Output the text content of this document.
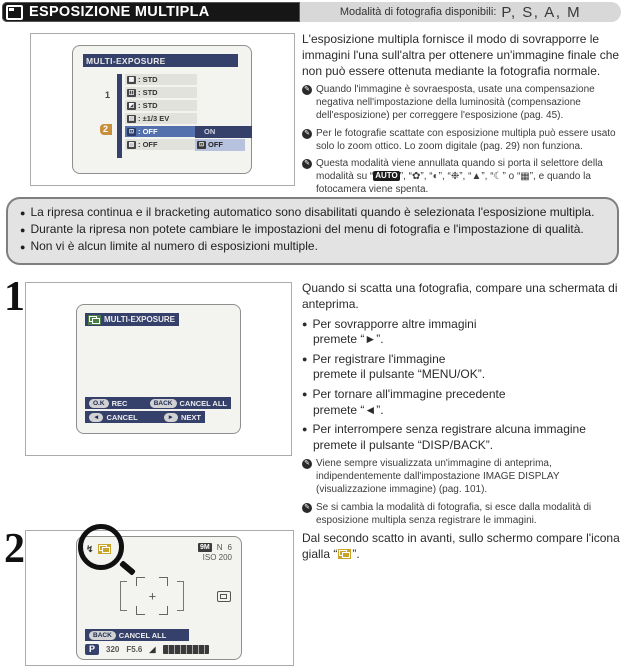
ESPOSIZIONE MULTIPLA	Modalità di fotografia disponibili: P, S, A, M
MULTI-EXPOSURE
1
2
▦ : STD
◫ : STD
◩ : STD
▤ : ±1/3 EV
⊡ : OFF
▧ : OFF
ON
⊡ OFF
L'esposizione multipla fornisce il modo di sovrapporre le immagini l'una sull'altra per ottenere un'immagine finale che non può essere ottenuta mediante la fotografia normale.
✎ Quando l'immagine è sovraesposta, usate una compensazione negativa nell'impostazione della luminosità (compensazione dell'esposizione) per correggere l'esposizione (pag. 45).
✎ Per le fotografie scattate con esposizione multipla può essere usato solo lo zoom ottico. Lo zoom digitale (pag. 29) non funziona.
✎ Questa modalità viene annullata quando si porta il selettore della modalità su “ AUTO ”, “✿”, “◐”, “❉”, “▲”, “☾” o “▦”, e quando la fotocamera viene spenta.
● La ripresa continua e il bracketing automatico sono disabilitati quando è selezionata l'esposizione multipla.
● Durante la ripresa non potete cambiare le impostazioni del menu di fotografia e l'impostazione di qualità.
● Non vi è alcun limite al numero di esposizioni multiple.
1	MULTI-EXPOSURE
O.K REC	BACK CANCEL ALL
◄ CANCEL	► NEXT
Quando si scatta una fotografia, compare una schermata di anteprima.
● Per sovrapporre altre immagini
premete “►”.
● Per registrare l'immagine
premete il pulsante “MENU/OK”.
● Per tornare all'immagine precedente
premete “◄”.
● Per interrompere senza registrare alcuna immagine
premete il pulsante “DISP/BACK”.
✎ Viene sempre visualizzata un'immagine di anteprima, indipendentemente dall'impostazione IMAGE DISPLAY (visualizzazione immagine) (pag. 101).
✎ Se si cambia la modalità di fotografia, si esce dalla modalità di esposizione multipla senza registrare le immagini.
2	↯	9M N 6
ISO 200
+
BACK CANCEL ALL
P	320 F5.6 ◢
Dal secondo scatto in avanti, sullo schermo compare l'icona gialla “ ”.
